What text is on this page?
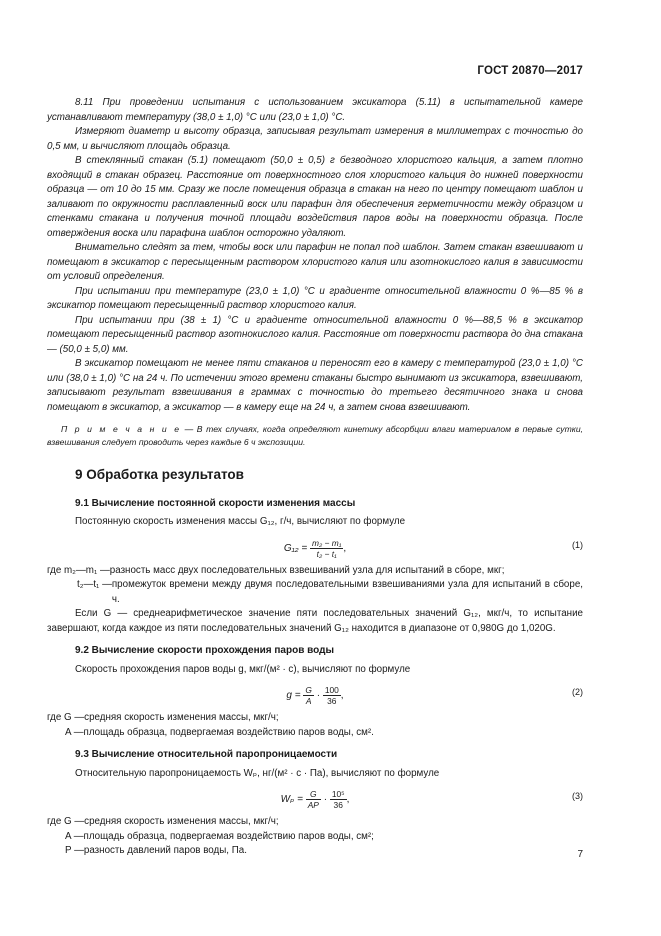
ГОСТ 20870—2017

8.11 При проведении испытания с использованием эксикатора (5.11) в испытательной камере устанавливают температуру (38,0 ± 1,0) °С или (23,0 ± 1,0) °С.

Измеряют диаметр и высоту образца, записывая результат измерения в миллиметрах с точностью до 0,5 мм, и вычисляют площадь образца.

В стеклянный стакан (5.1) помещают (50,0 ± 0,5) г безводного хлористого кальция, а затем плотно входящий в стакан образец. Расстояние от поверхностного слоя хлористого кальция до нижней поверхности образца — от 10 до 15 мм. Сразу же после помещения образца в стакан на него по центру помещают шаблон и заливают по окружности расплавленный воск или парафин для обеспечения герметичности между образцом и стенками стакана и получения точной площади воздействия паров воды на поверхности образца. После отверждения воска или парафина шаблон осторожно удаляют.

Внимательно следят за тем, чтобы воск или парафин не попал под шаблон. Затем стакан взвешивают и помещают в эксикатор с пересыщенным раствором хлористого калия или азотнокислого калия в зависимости от условий определения.

При испытании при температуре (23,0 ± 1,0) °С и градиенте относительной влажности 0 %—85 % в эксикатор помещают пересыщенный раствор хлористого калия.

При испытании при (38 ± 1) °С и градиенте относительной влажности 0 %—88,5 % в эксикатор помещают пересыщенный раствор азотнокислого калия. Расстояние от поверхности раствора до дна стакана — (50,0 ± 5,0) мм.

В эксикатор помещают не менее пяти стаканов и переносят его в камеру с температурой (23,0 ± 1,0) °С или (38,0 ± 1,0) °С на 24 ч. По истечении этого времени стаканы быстро вынимают из эксикатора, взвешивают, записывают результат взвешивания в граммах с точностью до третьего десятичного знака и снова помещают в эксикатор, а эксикатор — в камеру еще на 24 ч, а затем снова взвешивают.

П р и м е ч а н и е — В тех случаях, когда определяют кинетику абсорбции влаги материалом в первые сутки, взвешивания следует проводить через каждые 6 ч экспозиции.

9 Обработка результатов
9.1 Вычисление постоянной скорости изменения массы

Постоянную скорость изменения массы G₁₂, г/ч, вычисляют по формуле

$G_{12} = \frac{\text{m₂ − m₁}}{\text{t₂ − t₁}}$ ,	(1)
где m₂—m₁ — разность масс двух последовательных взвешиваний узла для испытаний в сборе, мкг;
t₂—t₁ — промежуток времени между двумя последовательными взвешиваниями узла для испытаний в сборе, ч.

Если G — среднеарифметическое значение пяти последовательных значений G₁₂, мкг/ч, то испытание завершают, когда каждое из пяти последовательных значений G₁₂ находится в диапазоне от 0,980G до 1,020G.

9.2 Вычисление скорости прохождения паров воды

Скорость прохождения паров воды g, мкг/(м² · с), вычисляют по формуле

$g = \frac{G}{A} \cdot \frac{100}{36}$ ,	(2)
где G — средняя скорость изменения массы, мкг/ч;
A — площадь образца, подвергаемая воздействию паров воды, см².
9.3 Вычисление относительной паропроницаемости

Относительную паропроницаемость Wₚ, нг/(м² · с · Па), вычисляют по формуле

$W_p = \frac{G}{AP} \cdot \frac{\text{10⁵}}{36}$ ,	(3)
где G — средняя скорость изменения массы, мкг/ч;
A — площадь образца, подвергаемая воздействию паров воды, см²;
P — разность давлений паров воды, Па.	7
